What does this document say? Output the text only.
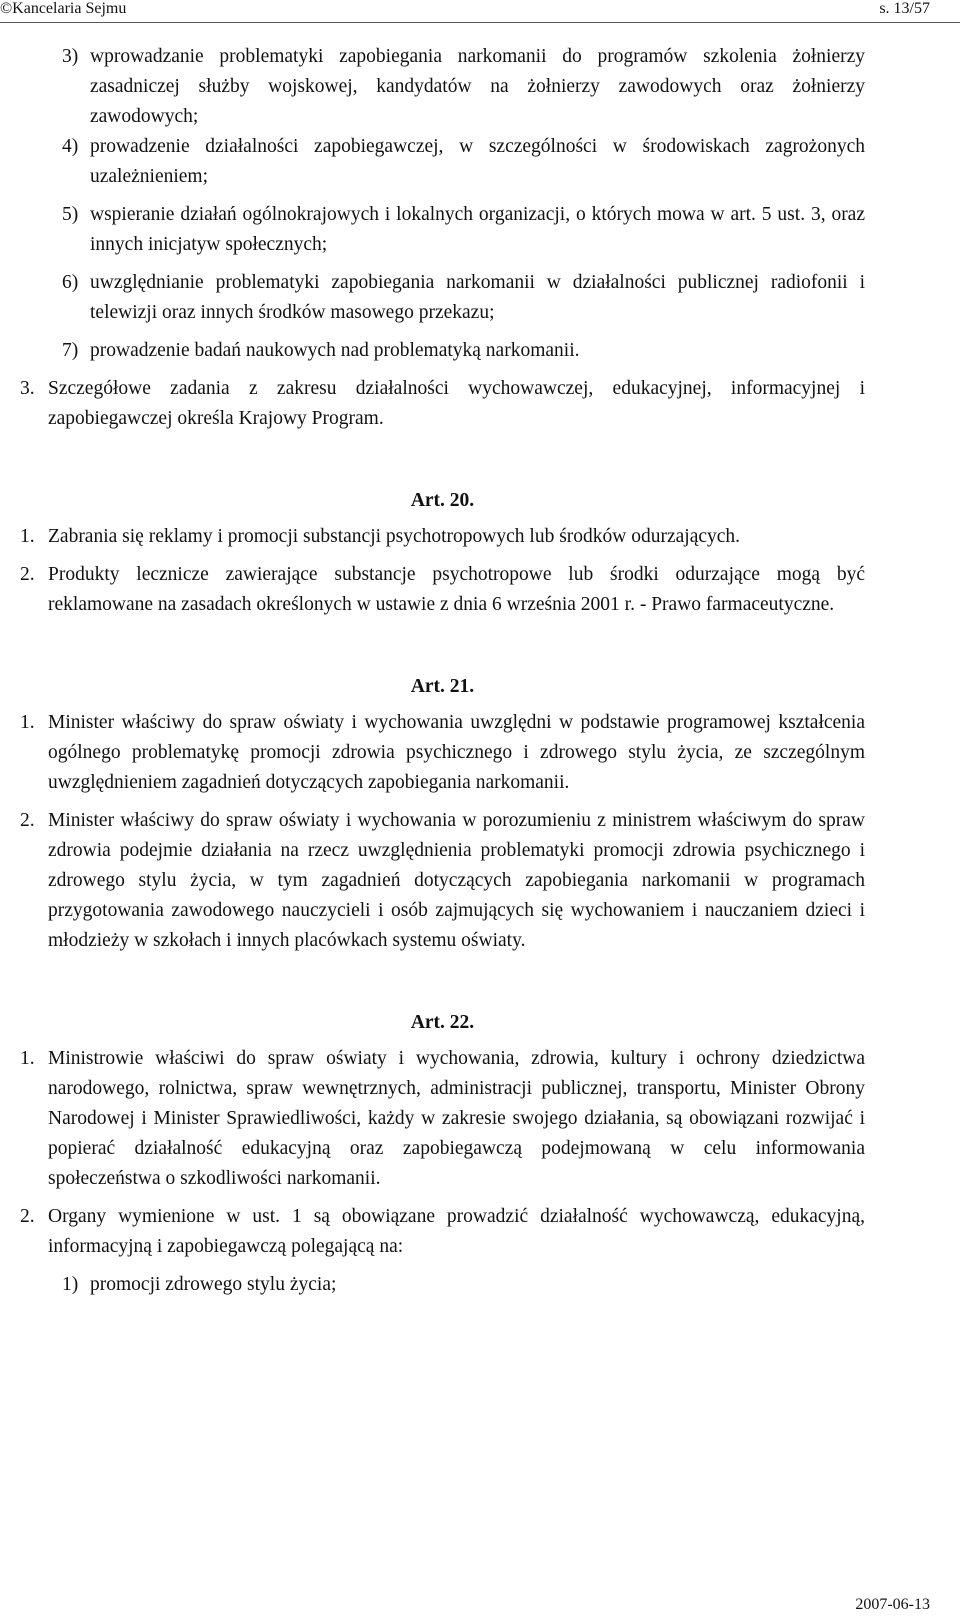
©Kancelaria Sejmu	s. 13/57
3) wprowadzanie problematyki zapobiegania narkomanii do programów szkolenia żołnierzy zasadniczej służby wojskowej, kandydatów na żołnierzy zawodowych oraz żołnierzy zawodowych;
4) prowadzenie działalności zapobiegawczej, w szczególności w środowiskach zagrożonych uzależnieniem;
5) wspieranie działań ogólnokrajowych i lokalnych organizacji, o których mowa w art. 5 ust. 3, oraz innych inicjatyw społecznych;
6) uwzględnianie problematyki zapobiegania narkomanii w działalności publicznej radiofonii i telewizji oraz innych środków masowego przekazu;
7) prowadzenie badań naukowych nad problematyką narkomanii.
3. Szczegółowe zadania z zakresu działalności wychowawczej, edukacyjnej, informacyjnej i zapobiegawczej określa Krajowy Program.
Art. 20.
1. Zabrania się reklamy i promocji substancji psychotropowych lub środków odurzających.
2. Produkty lecznicze zawierające substancje psychotropowe lub środki odurzające mogą być reklamowane na zasadach określonych w ustawie z dnia 6 września 2001 r. - Prawo farmaceutyczne.
Art. 21.
1. Minister właściwy do spraw oświaty i wychowania uwzględni w podstawie programowej kształcenia ogólnego problematykę promocji zdrowia psychicznego i zdrowego stylu życia, ze szczególnym uwzględnieniem zagadnień dotyczących zapobiegania narkomanii.
2. Minister właściwy do spraw oświaty i wychowania w porozumieniu z ministrem właściwym do spraw zdrowia podejmie działania na rzecz uwzględnienia problematyki promocji zdrowia psychicznego i zdrowego stylu życia, w tym zagadnień dotyczących zapobiegania narkomanii w programach przygotowania zawodowego nauczycieli i osób zajmujących się wychowaniem i nauczaniem dzieci i młodzieży w szkołach i innych placówkach systemu oświaty.
Art. 22.
1. Ministrowie właściwi do spraw oświaty i wychowania, zdrowia, kultury i ochrony dziedzictwa narodowego, rolnictwa, spraw wewnętrznych, administracji publicznej, transportu, Minister Obrony Narodowej i Minister Sprawiedliwości, każdy w zakresie swojego działania, są obowiązani rozwijać i popierać działalność edukacyjną oraz zapobiegawczą podejmowaną w celu informowania społeczeństwa o szkodliwości narkomanii.
2. Organy wymienione w ust. 1 są obowiązane prowadzić działalność wychowawczą, edukacyjną, informacyjną i zapobiegawczą polegającą na:
1) promocji zdrowego stylu życia;
2007-06-13
